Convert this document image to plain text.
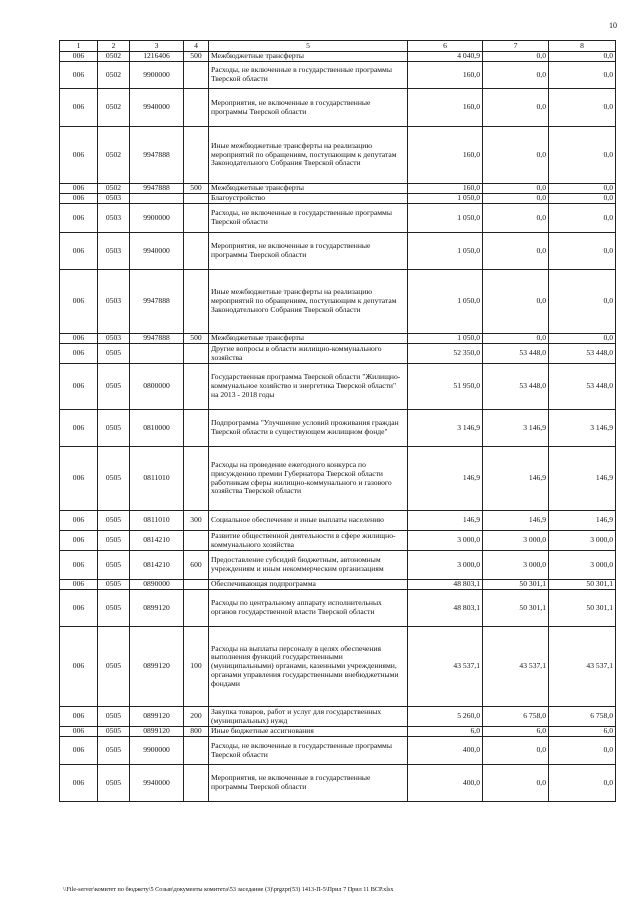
10
1	2	3	4	5	6	7	8
006	0502	1216406	500	Межбюджетные трансферты	4 040,9	0,0	0,0
006	0502	9900000		Расходы, не включенные в государственные программы Тверской области	160,0	0,0	0,0
006	0502	9940000		Мероприятия, не включенные в государственные программы Тверской области	160,0	0,0	0,0
006	0502	9947888		Иные межбюджетные трансферты на реализацию мероприятий по обращениям, поступающим к депутатам Законодательного Собрания Тверской области	160,0	0,0	0,0
006	0502	9947888	500	Межбюджетные трансферты	160,0	0,0	0,0
006	0503			Благоустройство	1 050,0	0,0	0,0
006	0503	9900000		Расходы, не включенные в государственные программы Тверской области	1 050,0	0,0	0,0
006	0503	9940000		Мероприятия, не включенные в государственные программы Тверской области	1 050,0	0,0	0,0
006	0503	9947888		Иные межбюджетные трансферты на реализацию мероприятий по обращениям, поступающим к депутатам Законодательного Собрания Тверской области	1 050,0	0,0	0,0
006	0503	9947888	500	Межбюджетные трансферты	1 050,0	0,0	0,0
006	0505			Другие вопросы в области жилищно-коммунального хозяйства	52 350,0	53 448,0	53 448,0
006	0505	0800000		Государственная программа Тверской области "Жилищно-коммунальное хозяйство и энергетика Тверской области" на 2013 - 2018 годы	51 950,0	53 448,0	53 448,0
006	0505	0810000		Подпрограмма "Улучшение условий проживания граждан Тверской области в существующем жилищном фонде"	3 146,9	3 146,9	3 146,9
006	0505	0811010		Расходы на проведение ежегодного конкурса по присуждению премии Губернатора Тверской области работникам сферы жилищно-коммунального и газового хозяйства Тверской области	146,9	146,9	146,9
006	0505	0811010	300	Социальное обеспечение и иные выплаты населению	146,9	146,9	146,9
006	0505	0814210		Развитие общественной деятельности в сфере жилищно-коммунального хозяйства	3 000,0	3 000,0	3 000,0
006	0505	0814210	600	Предоставление субсидий бюджетным, автономным учреждениям и иным некоммерческим организациям	3 000,0	3 000,0	3 000,0
006	0505	0890000		Обеспечивающая подпрограмма	48 803,1	50 301,1	50 301,1
006	0505	0899120		Расходы по центральному аппарату исполнительных органов государственной власти Тверской области	48 803,1	50 301,1	50 301,1
006	0505	0899120	100	Расходы на выплаты персоналу в целях обеспечения выполнения функций государственными (муниципальными) органами, казенными учреждениями, органами управления государственными внебюджетными фондами	43 537,1	43 537,1	43 537,1
006	0505	0899120	200	Закупка товаров, работ и услуг для государственных (муниципальных) нужд	5 260,0	6 758,0	6 758,0
006	0505	0899120	800	Иные бюджетные ассигнования	6,0	6,0	6,0
006	0505	9900000		Расходы, не включенные в государственные программы Тверской области	400,0	0,0	0,0
006	0505	9940000		Мероприятия, не включенные в государственные программы Тверской области	400,0	0,0	0,0
\\File-server\комитет по бюджету\5 Созыв\документы комитета\53 заседание (3)\prgzpr(53) 1413-П-5\Прил 7 Прил 11 ВСР.xlsx
